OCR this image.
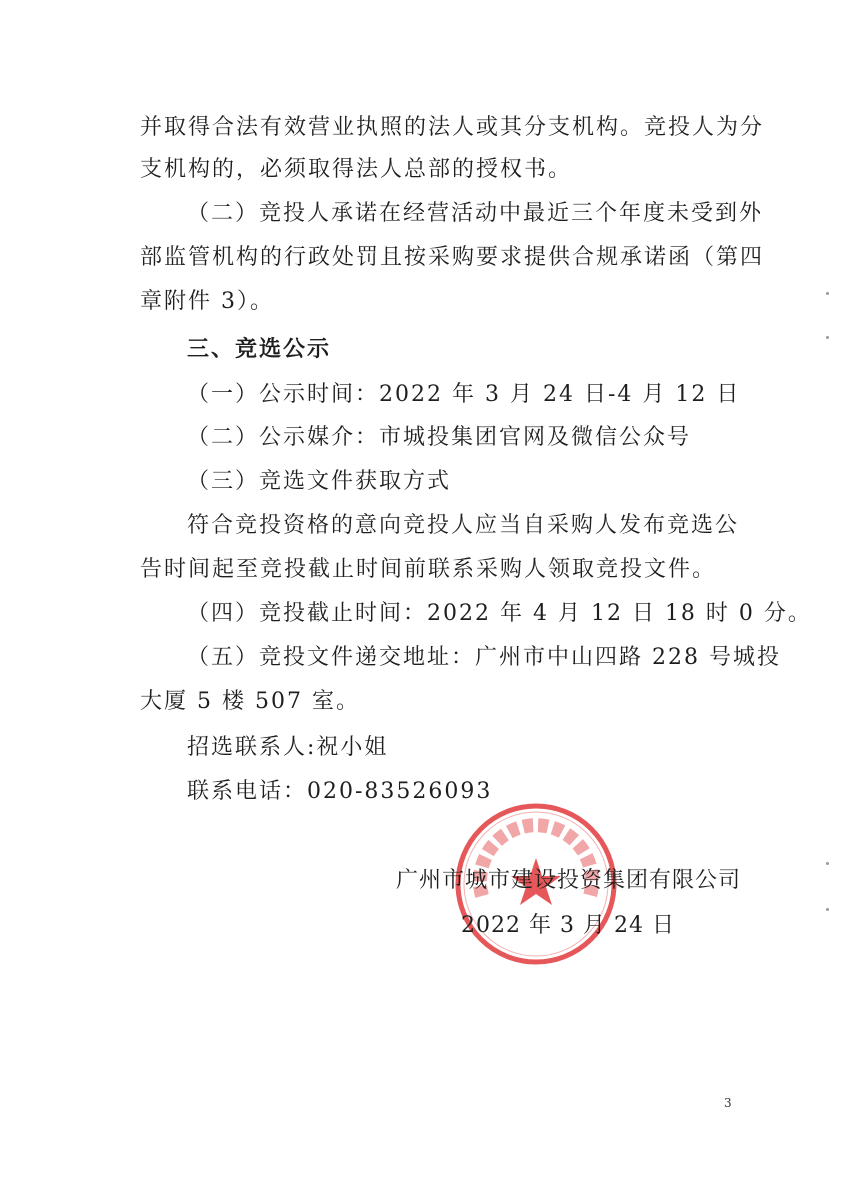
并取得合法有效营业执照的法人或其分支机构。竞投人为分
支机构的，必须取得法人总部的授权书。
（二）竞投人承诺在经营活动中最近三个年度未受到外
部监管机构的行政处罚且按采购要求提供合规承诺函（第四
章附件 3）。
三、竞选公示
（一）公示时间：2022 年 3 月 24 日-4 月 12 日
（二）公示媒介：市城投集团官网及微信公众号
（三）竞选文件获取方式
符合竞投资格的意向竞投人应当自采购人发布竞选公
告时间起至竞投截止时间前联系采购人领取竞投文件。
（四）竞投截止时间：2022 年 4 月 12 日 18 时 0 分。
（五）竞投文件递交地址：广州市中山四路 228 号城投
大厦 5 楼 507 室。
招选联系人:祝小姐
联系电话：020-83526093
广州市城市建设投资集团有限公司
2022 年 3 月 24 日
3
